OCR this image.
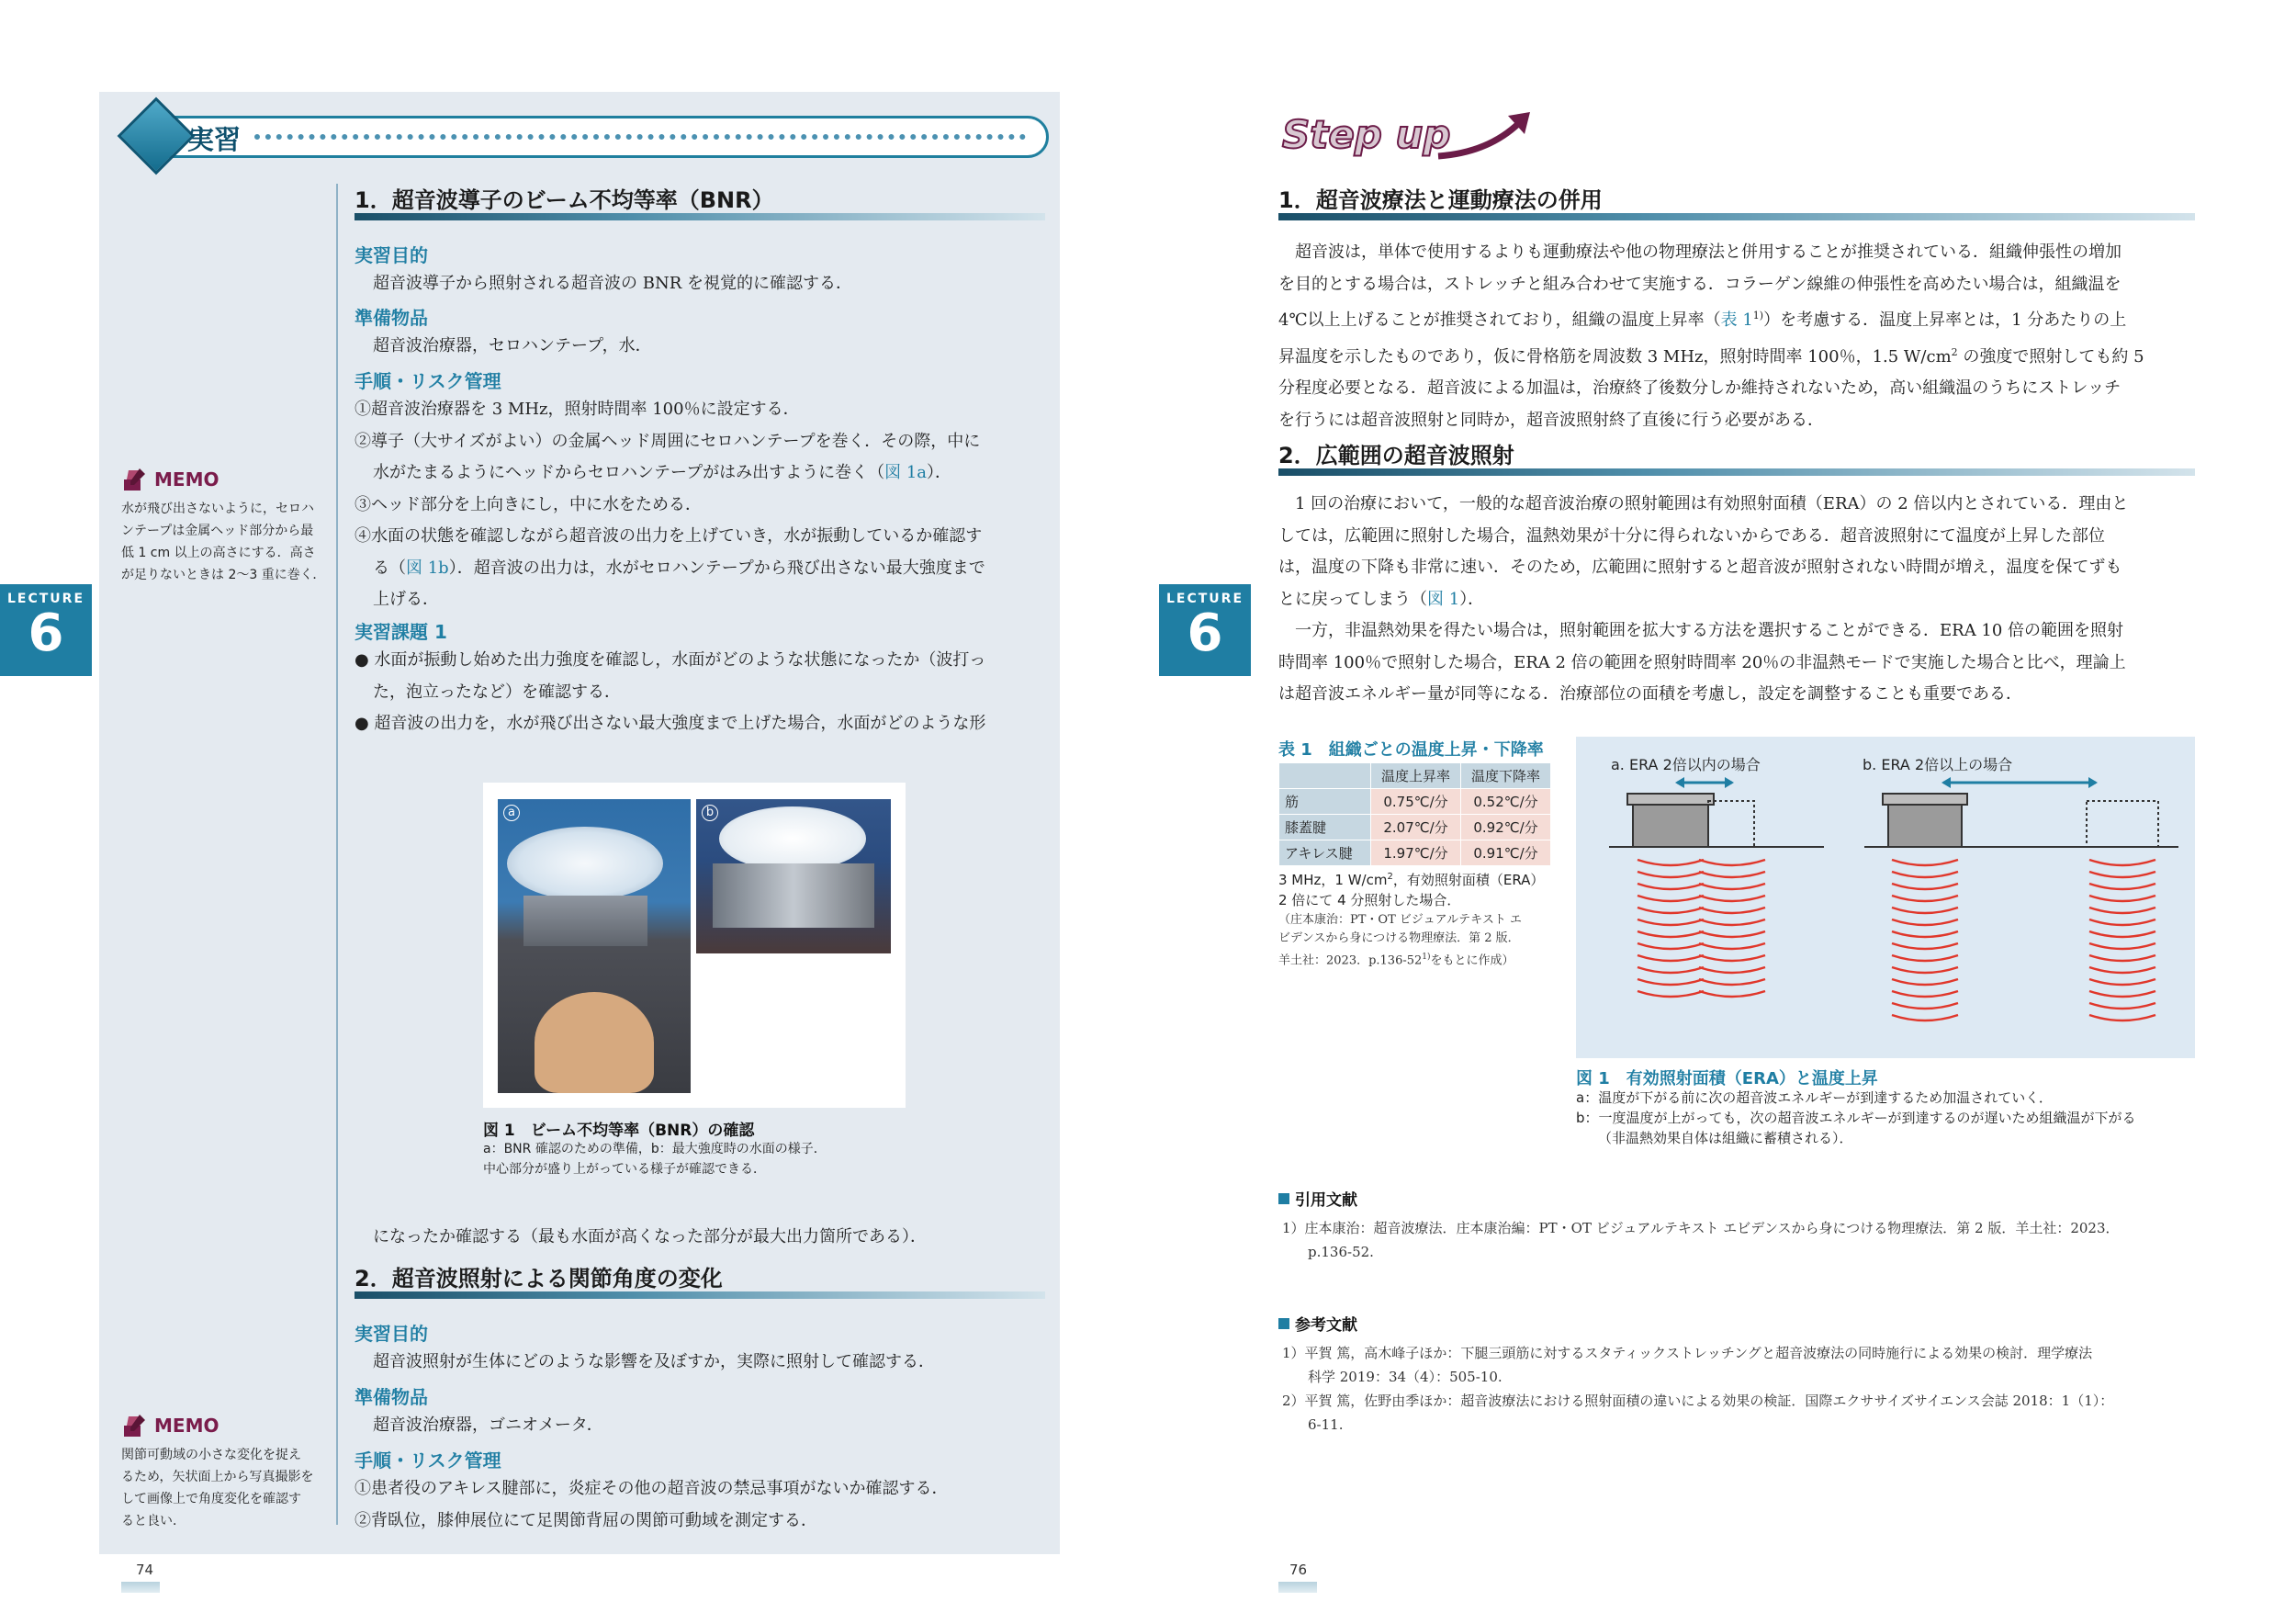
実習
LECTURE
6
MEMO
水が飛び出さないように，セロハ
ンテープは金属ヘッド部分から最
低 1 cm 以上の高さにする．高さ
が足りないときは 2～3 重に巻く．
MEMO
関節可動域の小さな変化を捉え
るため，矢状面上から写真撮影を
して画像上で角度変化を確認す
ると良い．
1．超音波導子のビーム不均等率（BNR）
実習目的
超音波導子から照射される超音波の BNR を視覚的に確認する．
準備物品
超音波治療器，セロハンテープ，水．
手順・リスク管理
①超音波治療器を 3 MHz，照射時間率 100％に設定する．
②導子（大サイズがよい）の金属ヘッド周囲にセロハンテープを巻く．その際，中に
水がたまるようにヘッドからセロハンテープがはみ出すように巻く（図 1a）．
③ヘッド部分を上向きにし，中に水をためる．
④水面の状態を確認しながら超音波の出力を上げていき，水が振動しているか確認す
る（図 1b）．超音波の出力は，水がセロハンテープから飛び出さない最大強度まで
上げる．
実習課題 1
● 水面が振動し始めた出力強度を確認し，水面がどのような状態になったか（波打っ
た，泡立ったなど）を確認する．
● 超音波の出力を，水が飛び出さない最大強度まで上げた場合，水面がどのような形
a	b
図 1　ビーム不均等率（BNR）の確認
a：BNR 確認のための準備，b：最大強度時の水面の様子．
中心部分が盛り上がっている様子が確認できる．
になったか確認する（最も水面が高くなった部分が最大出力箇所である）．
2．超音波照射による関節角度の変化
実習目的
超音波照射が生体にどのような影響を及ぼすか，実際に照射して確認する．
準備物品
超音波治療器，ゴニオメータ．
手順・リスク管理
①患者役のアキレス腱部に，炎症その他の超音波の禁忌事項がないか確認する．
②背臥位，膝伸展位にて足関節背屈の関節可動域を測定する．
74
LECTURE
6
Step up
1．超音波療法と運動療法の併用
超音波は，単体で使用するよりも運動療法や他の物理療法と併用することが推奨されている．組織伸張性の増加
を目的とする場合は，ストレッチと組み合わせて実施する．コラーゲン線維の伸張性を高めたい場合は，組織温を
4℃以上上げることが推奨されており，組織の温度上昇率（表 1$^{1)}$）を考慮する．温度上昇率とは，1 分あたりの上
昇温度を示したものであり，仮に骨格筋を周波数 3 MHz，照射時間率 100％，1.5 $W/cm^2$ の強度で照射しても約 5
分程度必要となる．超音波による加温は，治療終了後数分しか維持されないため，高い組織温のうちにストレッチ
を行うには超音波照射と同時か，超音波照射終了直後に行う必要がある．
2．広範囲の超音波照射
1 回の治療において，一般的な超音波治療の照射範囲は有効照射面積（ERA）の 2 倍以内とされている．理由と
しては，広範囲に照射した場合，温熱効果が十分に得られないからである．超音波照射にて温度が上昇した部位
は，温度の下降も非常に速い．そのため，広範囲に照射すると超音波が照射されない時間が増え，温度を保てずも
とに戻ってしまう（図 1）．
一方，非温熱効果を得たい場合は，照射範囲を拡大する方法を選択することができる．ERA 10 倍の範囲を照射
時間率 100％で照射した場合，ERA 2 倍の範囲を照射時間率 20％の非温熱モードで実施した場合と比べ，理論上
は超音波エネルギー量が同等になる．治療部位の面積を考慮し，設定を調整することも重要である．
表 1　組織ごとの温度上昇・下降率
	温度上昇率	温度下降率
筋	0.75℃/分	0.52℃/分
膝蓋腱	2.07℃/分	0.92℃/分
アキレス腱	1.97℃/分	0.91℃/分
3 MHz，1 $W/cm^2$，有効照射面積（ERA）
2 倍にて 4 分照射した場合．
（庄本康治：PT・OT ビジュアルテキスト エ
ビデンスから身につける物理療法．第 2 版．
羊土社：2023．p.136-52$^{1)}$をもとに作成）
a. ERA 2倍以内の場合	b. ERA 2倍以上の場合
図 1　有効照射面積（ERA）と温度上昇
a：温度が下がる前に次の超音波エネルギーが到達するため加温されていく．
b：一度温度が上がっても，次の超音波エネルギーが到達するのが遅いため組織温が下がる
（非温熱効果自体は組織に蓄積される）．
引用文献
1）庄本康治：超音波療法．庄本康治編：PT・OT ビジュアルテキスト エビデンスから身につける物理療法．第 2 版．羊土社：2023．
p.136-52.
参考文献
1）平賀 篤，高木峰子ほか：下腿三頭筋に対するスタティックストレッチングと超音波療法の同時施行による効果の検討．理学療法
科学 2019：34（4）：505-10.
2）平賀 篤，佐野由季ほか：超音波療法における照射面積の違いによる効果の検証．国際エクササイズサイエンス会誌 2018：1（1）：
6-11.
76
